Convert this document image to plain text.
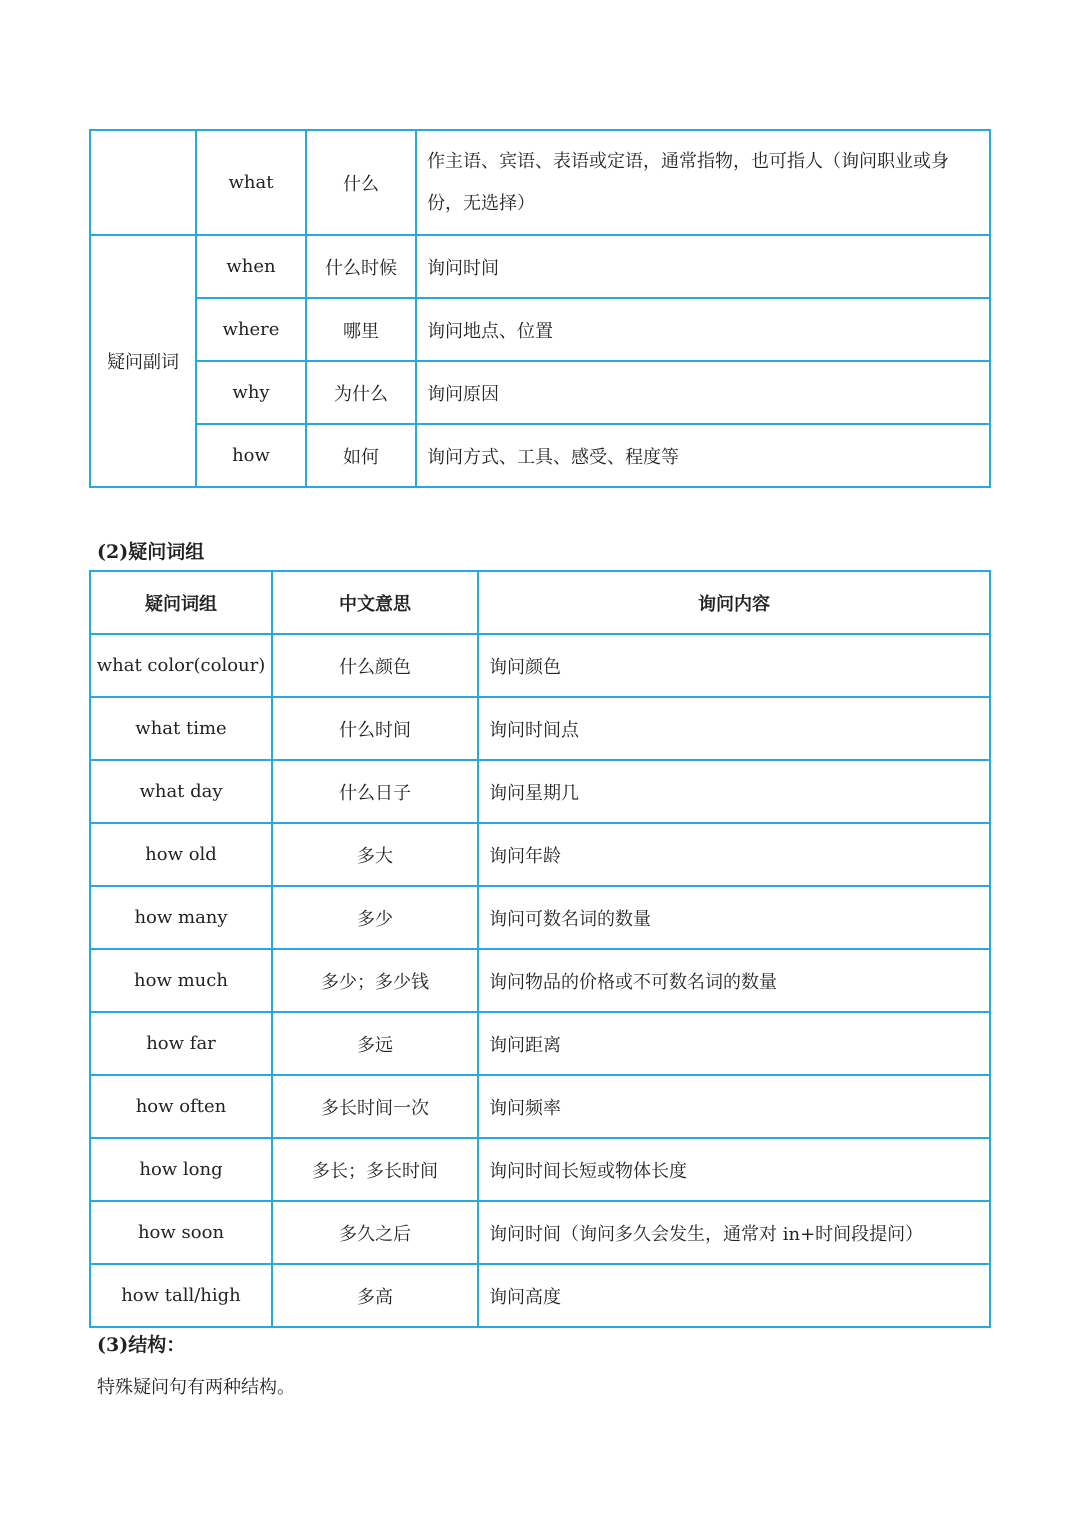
	what	什么	作主语、宾语、表语或定语，通常指物，也可指人（询问职业或身份，无选择）
疑问副词	when	什么时候	询问时间
	where	哪里	询问地点、位置
	why	为什么	询问原因
	how	如何	询问方式、工具、感受、程度等
(2)疑问词组
疑问词组	中文意思	询问内容
what color(colour)	什么颜色	询问颜色
what time	什么时间	询问时间点
what day	什么日子	询问星期几
how old	多大	询问年龄
how many	多少	询问可数名词的数量
how much	多少；多少钱	询问物品的价格或不可数名词的数量
how far	多远	询问距离
how often	多长时间一次	询问频率
how long	多长；多长时间	询问时间长短或物体长度
how soon	多久之后	询问时间（询问多久会发生，通常对 in+时间段提问）
how tall/high	多高	询问高度
(3)结构：
特殊疑问句有两种结构。
